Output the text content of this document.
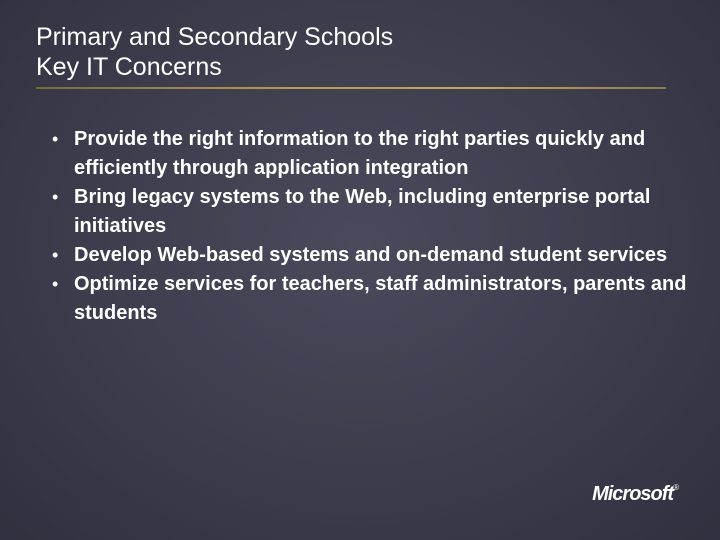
Primary and Secondary Schools
Key IT Concerns
• Provide the right information to the right parties quickly and efficiently through application integration
• Bring legacy systems to the Web, including enterprise portal initiatives
• Develop Web-based systems and on-demand student services
• Optimize services for teachers, staff administrators, parents and students
Microsoft®
